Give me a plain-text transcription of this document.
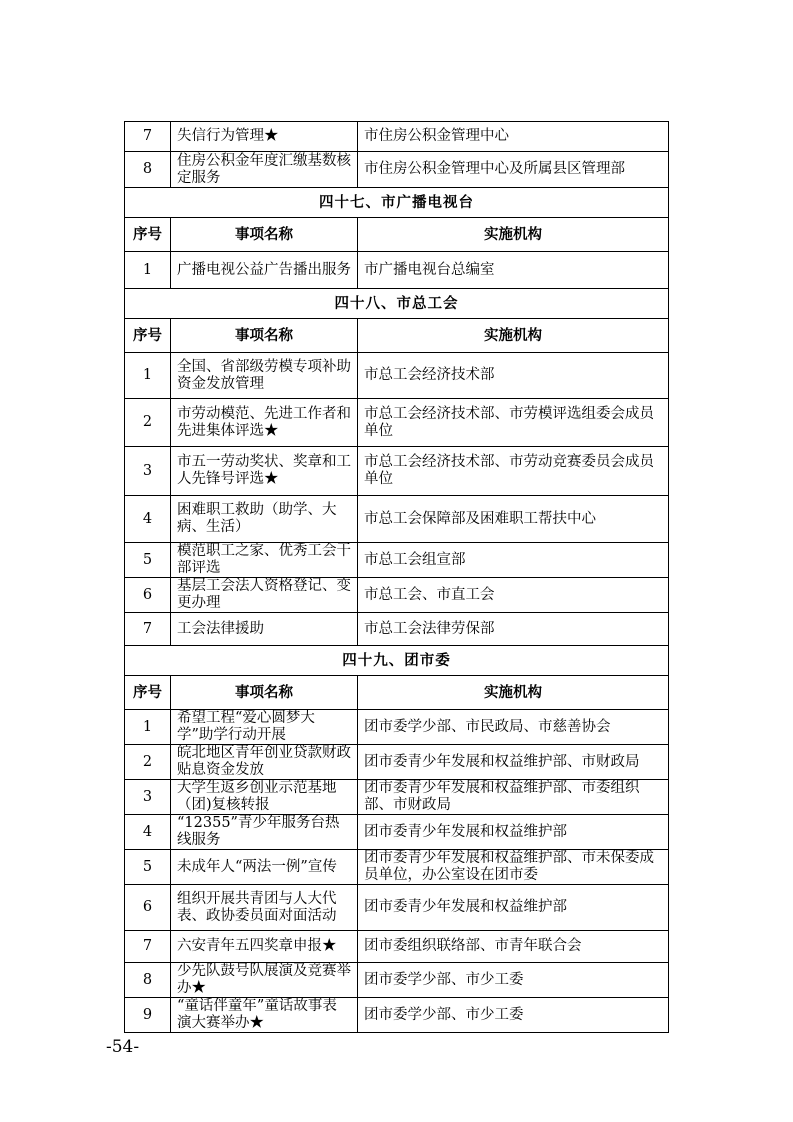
7	失信行为管理★	市住房公积金管理中心
8	住房公积金年度汇缴基数核定服务	市住房公积金管理中心及所属县区管理部
四十七、市广播电视台		
序号	事项名称	实施机构
1	广播电视公益广告播出服务	市广播电视台总编室
四十八、市总工会		
序号	事项名称	实施机构
1	全国、省部级劳模专项补助资金发放管理	市总工会经济技术部
2	市劳动模范、先进工作者和先进集体评选★	市总工会经济技术部、市劳模评选组委会成员单位
3	市五一劳动奖状、奖章和工人先锋号评选★	市总工会经济技术部、市劳动竞赛委员会成员单位
4	困难职工救助（助学、大病、生活）	市总工会保障部及困难职工帮扶中心
5	模范职工之家、优秀工会干部评选	市总工会组宣部
6	基层工会法人资格登记、变更办理	市总工会、市直工会
7	工会法律援助	市总工会法律劳保部
四十九、团市委		
序号	事项名称	实施机构
1	希望工程“爱心圆梦大学”助学行动开展	团市委学少部、市民政局、市慈善协会
2	皖北地区青年创业贷款财政贴息资金发放	团市委青少年发展和权益维护部、市财政局
3	大学生返乡创业示范基地（团)复核转报	团市委青少年发展和权益维护部、市委组织部、市财政局
4	“12355”青少年服务台热线服务	团市委青少年发展和权益维护部
5	未成年人“两法一例”宣传	团市委青少年发展和权益维护部、市未保委成员单位，办公室设在团市委
6	组织开展共青团与人大代表、政协委员面对面活动	团市委青少年发展和权益维护部
7	六安青年五四奖章申报★	团市委组织联络部、市青年联合会
8	少先队鼓号队展演及竞赛举办★	团市委学少部、市少工委
9	“童话伴童年”童话故事表演大赛举办★	团市委学少部、市少工委
-54-
